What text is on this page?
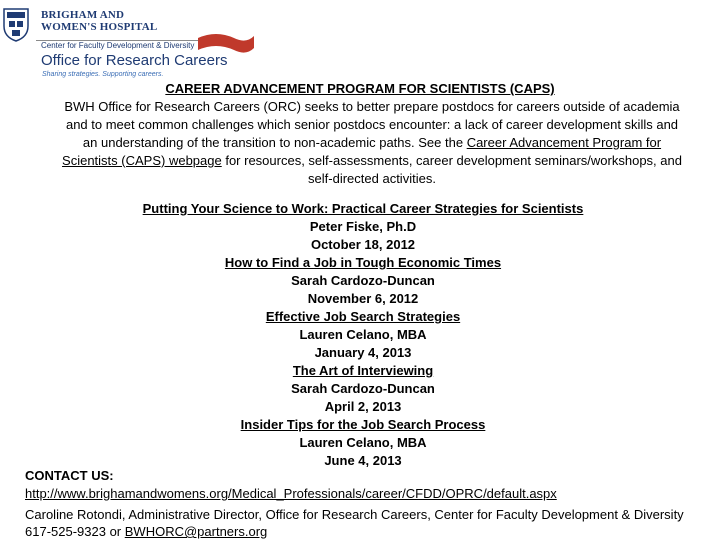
BRIGHAM AND
WOMEN'S HOSPITAL
Center for Faculty Development & Diversity
Office for Research Careers
Sharing strategies. Supporting careers.
CAREER ADVANCEMENT PROGRAM FOR SCIENTISTS (CAPS)
BWH Office for Research Careers (ORC) seeks to better prepare postdocs for careers outside of academia and to meet common challenges which senior postdocs encounter: a lack of career development skills and an understanding of the transition to non-academic paths. See the Career Advancement Program for Scientists (CAPS) webpage for resources, self-assessments, career development seminars/workshops, and self-directed activities.
Putting Your Science to Work: Practical Career Strategies for Scientists
Peter Fiske, Ph.D
October 18, 2012
How to Find a Job in Tough Economic Times
Sarah Cardozo-Duncan
November 6, 2012
Effective Job Search Strategies
Lauren Celano, MBA
January 4, 2013
The Art of Interviewing
Sarah Cardozo-Duncan
April 2, 2013
Insider Tips for the Job Search Process
Lauren Celano, MBA
June 4, 2013
CONTACT US:
http://www.brighamandwomens.org/Medical_Professionals/career/CFDD/OPRC/default.aspx
Caroline Rotondi, Administrative Director, Office for Research Careers, Center for Faculty Development & Diversity 617-525-9323 or BWHORC@partners.org
